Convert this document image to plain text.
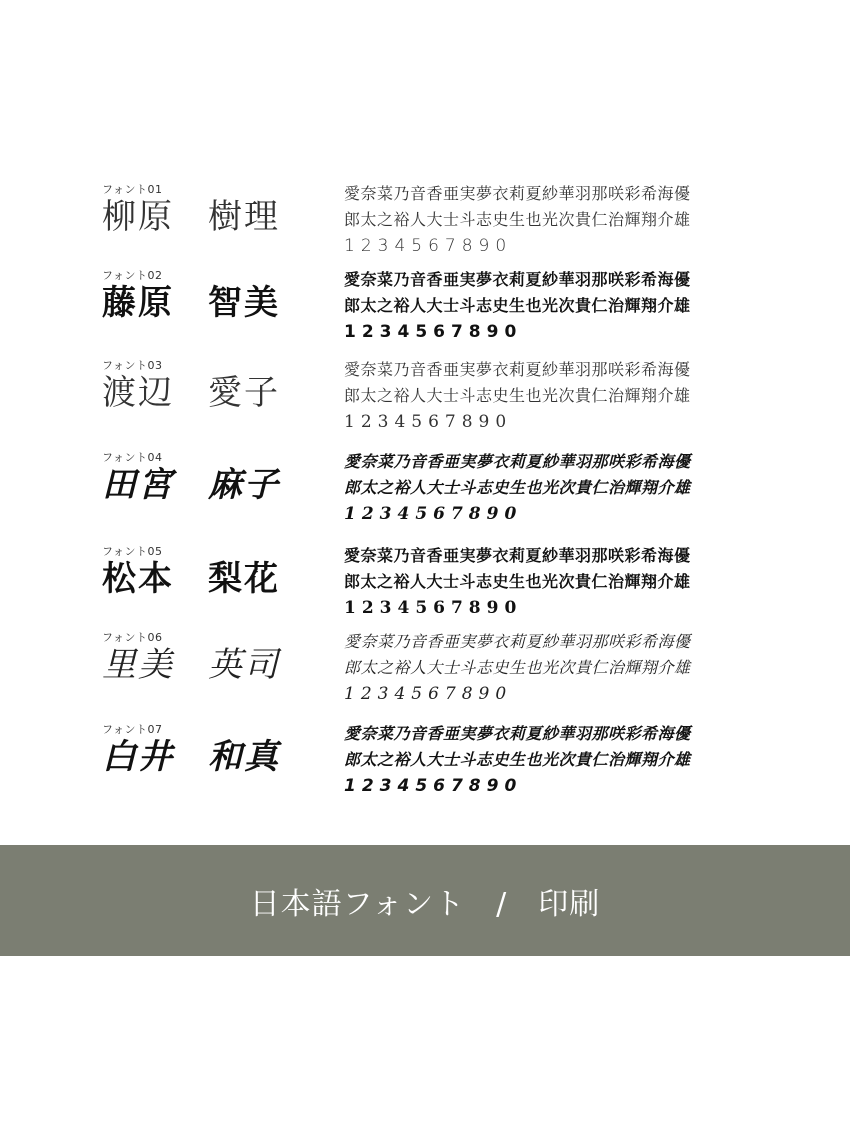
フォント01
柳原 樹理
愛奈菜乃音香亜実夢衣莉夏紗華羽那咲彩希海優
郎太之裕人大士斗志史生也光次貴仁治輝翔介雄
1234567890
フォント02
藤原 智美
愛奈菜乃音香亜実夢衣莉夏紗華羽那咲彩希海優
郎太之裕人大士斗志史生也光次貴仁治輝翔介雄
1234567890
フォント03
渡辺 愛子
愛奈菜乃音香亜実夢衣莉夏紗華羽那咲彩希海優
郎太之裕人大士斗志史生也光次貴仁治輝翔介雄
1234567890
フォント04
田宮 麻子
愛奈菜乃音香亜実夢衣莉夏紗華羽那咲彩希海優
郎太之裕人大士斗志史生也光次貴仁治輝翔介雄
1234567890
フォント05
松本 梨花
愛奈菜乃音香亜実夢衣莉夏紗華羽那咲彩希海優
郎太之裕人大士斗志史生也光次貴仁治輝翔介雄
1234567890
フォント06
里美 英司
愛奈菜乃音香亜実夢衣莉夏紗華羽那咲彩希海優
郎太之裕人大士斗志史生也光次貴仁治輝翔介雄
1234567890
フォント07
白井 和真
愛奈菜乃音香亜実夢衣莉夏紗華羽那咲彩希海優
郎太之裕人大士斗志史生也光次貴仁治輝翔介雄
1234567890
日本語フォント　/　印刷
